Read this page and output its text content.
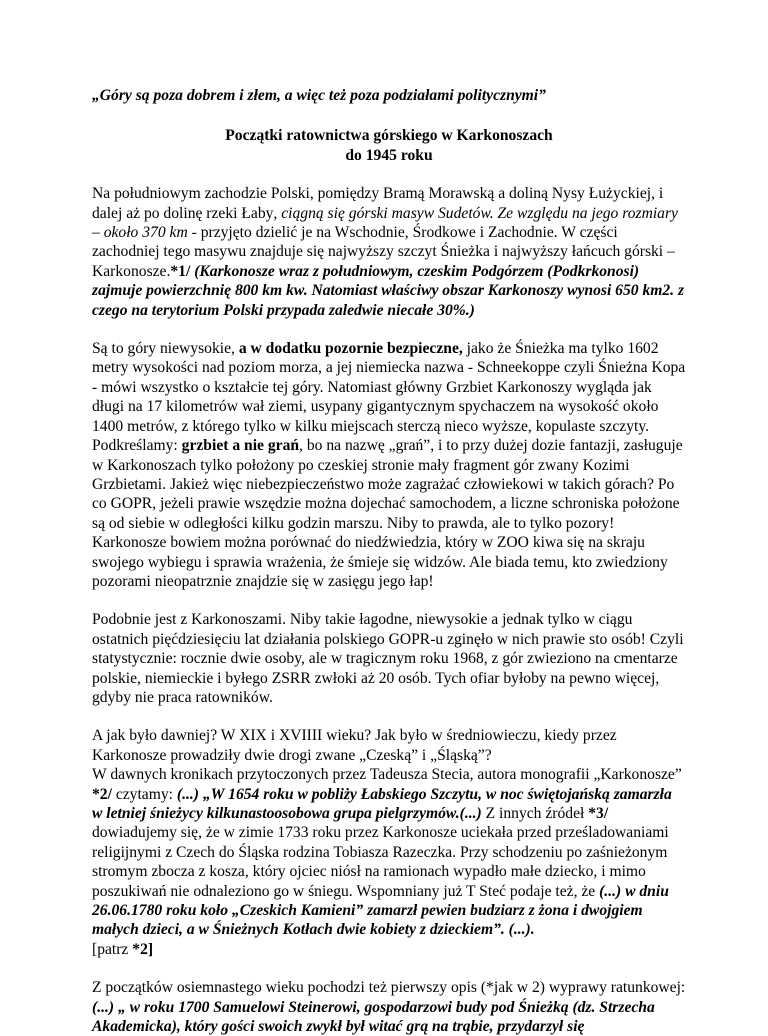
„Góry są poza dobrem i złem, a więc też poza podziałami politycznymi”

Początki ratownictwa górskiego w Karkonoszach
do 1945 roku

Na południowym zachodzie Polski, pomiędzy Bramą Morawską a doliną Nysy Łużyckiej, i dalej aż po dolinę rzeki Łaby, ciągną się górski masyw Sudetów. Ze względu na jego rozmiary – około 370 km - przyjęto dzielić je na Wschodnie, Środkowe i Zachodnie. W części zachodniej tego masywu znajduje się najwyższy szczyt Śnieżka i najwyższy łańcuch górski – Karkonosze.*1/ (Karkonosze wraz z południowym, czeskim Podgórzem (Podkrkonosi) zajmuje powierzchnię 800 km kw. Natomiast właściwy obszar Karkonoszy wynosi 650 km2. z czego na terytorium Polski przypada zaledwie niecałe 30%.)

Są to góry niewysokie, a w dodatku pozornie bezpieczne, jako że Śnieżka ma tylko 1602 metry wysokości nad poziom morza, a jej niemiecka nazwa - Schneekoppe czyli Śnieżna Kopa - mówi wszystko o kształcie tej góry. Natomiast główny Grzbiet Karkonoszy wygląda jak długi na 17 kilometrów wał ziemi, usypany gigantycznym spychaczem na wysokość około 1400 metrów, z którego tylko w kilku miejscach sterczą nieco wyższe, kopulaste szczyty. Podkreślamy: grzbiet a nie grań, bo na nazwę „grań”, i to przy dużej dozie fantazji, zasługuje w Karkonoszach tylko położony po czeskiej stronie mały fragment gór zwany Kozimi Grzbietami. Jakież więc niebezpieczeństwo może zagrażać człowiekowi w takich górach? Po co GOPR, jeżeli prawie wszędzie można dojechać samochodem, a liczne schroniska położone są od siebie w odległości kilku godzin marszu. Niby to prawda, ale to tylko pozory! Karkonosze bowiem można porównać do niedźwiedzia, który w ZOO kiwa się na skraju swojego wybiegu i sprawia wrażenia, że śmieje się widzów. Ale biada temu, kto zwiedziony pozorami nieopatrznie znajdzie się w zasięgu jego łap!

Podobnie jest z Karkonoszami. Niby takie łagodne, niewysokie a jednak tylko w ciągu ostatnich pięćdziesięciu lat działania polskiego GOPR-u zginęło w nich prawie sto osób! Czyli statystycznie: rocznie dwie osoby, ale w tragicznym roku 1968, z gór zwieziono na cmentarze polskie, niemieckie i byłego ZSRR zwłoki aż 20 osób. Tych ofiar byłoby na pewno więcej, gdyby nie praca ratowników.

A jak było dawniej? W XIX i XVIIII wieku? Jak było w średniowieczu, kiedy przez Karkonosze prowadziły dwie drogi zwane „Czeską” i „Śląską”?
W dawnych kronikach przytoczonych przez Tadeusza Stecia, autora monografii „Karkonosze” *2/ czytamy: (...) „W 1654 roku w pobliży Łabskiego Szczytu, w noc świętojańską zamarzła w letniej śnieżycy kilkunastoosobowa grupa pielgrzymów.(...) Z innych źródeł *3/ dowiadujemy się, że w zimie 1733 roku przez Karkonosze uciekała przed prześladowaniami religijnymi z Czech do Śląska rodzina Tobiasza Razeczka. Przy schodzeniu po zaśnieżonym stromym zbocza z kosza, który ojciec niósł na ramionach wypadło małe dziecko, i mimo poszukiwań nie odnaleziono go w śniegu. Wspomniany już T Steć podaje też, że (...) w dniu 26.06.1780 roku koło „Czeskich Kamieni” zamarzł pewien budziarz z żona i dwojgiem małych dzieci, a w Śnieżnych Kotłach dwie kobiety z dzieckiem”. (...).
[patrz *2]

Z początków osiemnastego wieku pochodzi też pierwszy opis (*jak w 2) wyprawy ratunkowej: (...) „ w roku 1700 Samuelowi Steinerowi, gospodarzowi budy pod Śnieżką (dz. Strzecha Akademicka), który gości swoich zwykł był witać grą na trąbie, przydarzył się
